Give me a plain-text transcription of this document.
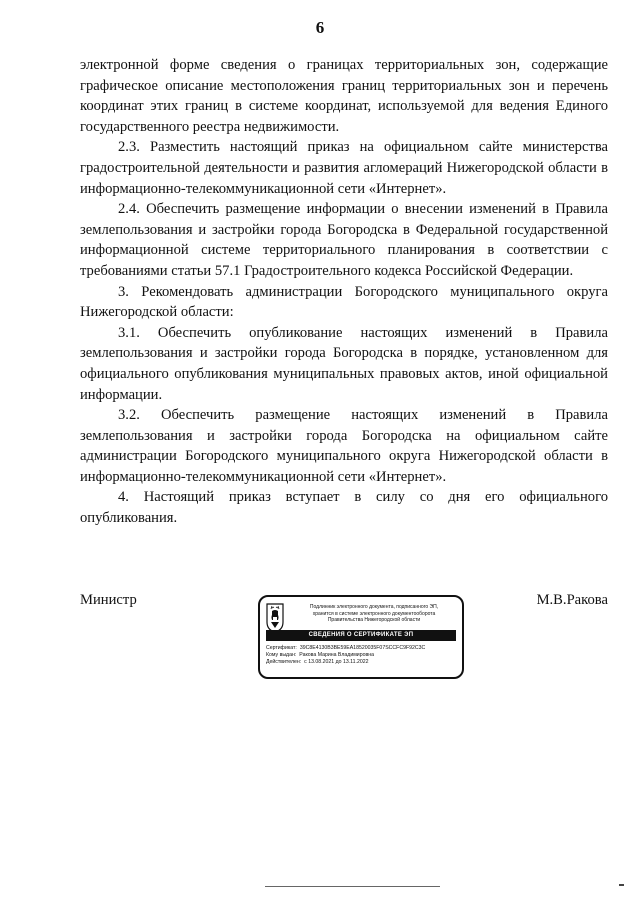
6

электронной форме сведения о границах территориальных зон, содержащие графическое описание местоположения границ территориальных зон и перечень координат этих границ в системе координат, используемой для ведения Единого государственного реестра недвижимости.

2.3. Разместить настоящий приказ на официальном сайте министерства градостроительной деятельности и развития агломераций Нижегородской области в информационно-телекоммуникационной сети «Интернет».

2.4. Обеспечить размещение информации о внесении изменений в Правила землепользования и застройки города Богородска в Федеральной государственной информационной системе территориального планирования в соответствии с требованиями статьи 57.1 Градостроительного кодекса Российской Федерации.

3. Рекомендовать администрации Богородского муниципального округа Нижегородской области:

3.1. Обеспечить опубликование настоящих изменений в Правила землепользования и застройки города Богородска в порядке, установленном для официального опубликования муниципальных правовых актов, иной официальной информации.

3.2. Обеспечить размещение настоящих изменений в Правила землепользования и застройки города Богородска на официальном сайте администрации Богородского муниципального округа Нижегородской области в информационно-телекоммуникационной сети «Интернет».

4. Настоящий приказ вступает в силу со дня его официального опубликования.

Министр	Подлинник электронного документа, подписанного ЭП,
хранится в системе электронного документооборота
Правительства Нижегородской области
СВЕДЕНИЯ О СЕРТИФИКАТЕ ЭП
Сертификат: 39C8E4130B3BE59EA18520035F07SCCFC9F92C3C
Кому выдан: Ракова Марина Владимировна
Действителен: с 13.08.2021 до 13.11.2022
М.В.Ракова
